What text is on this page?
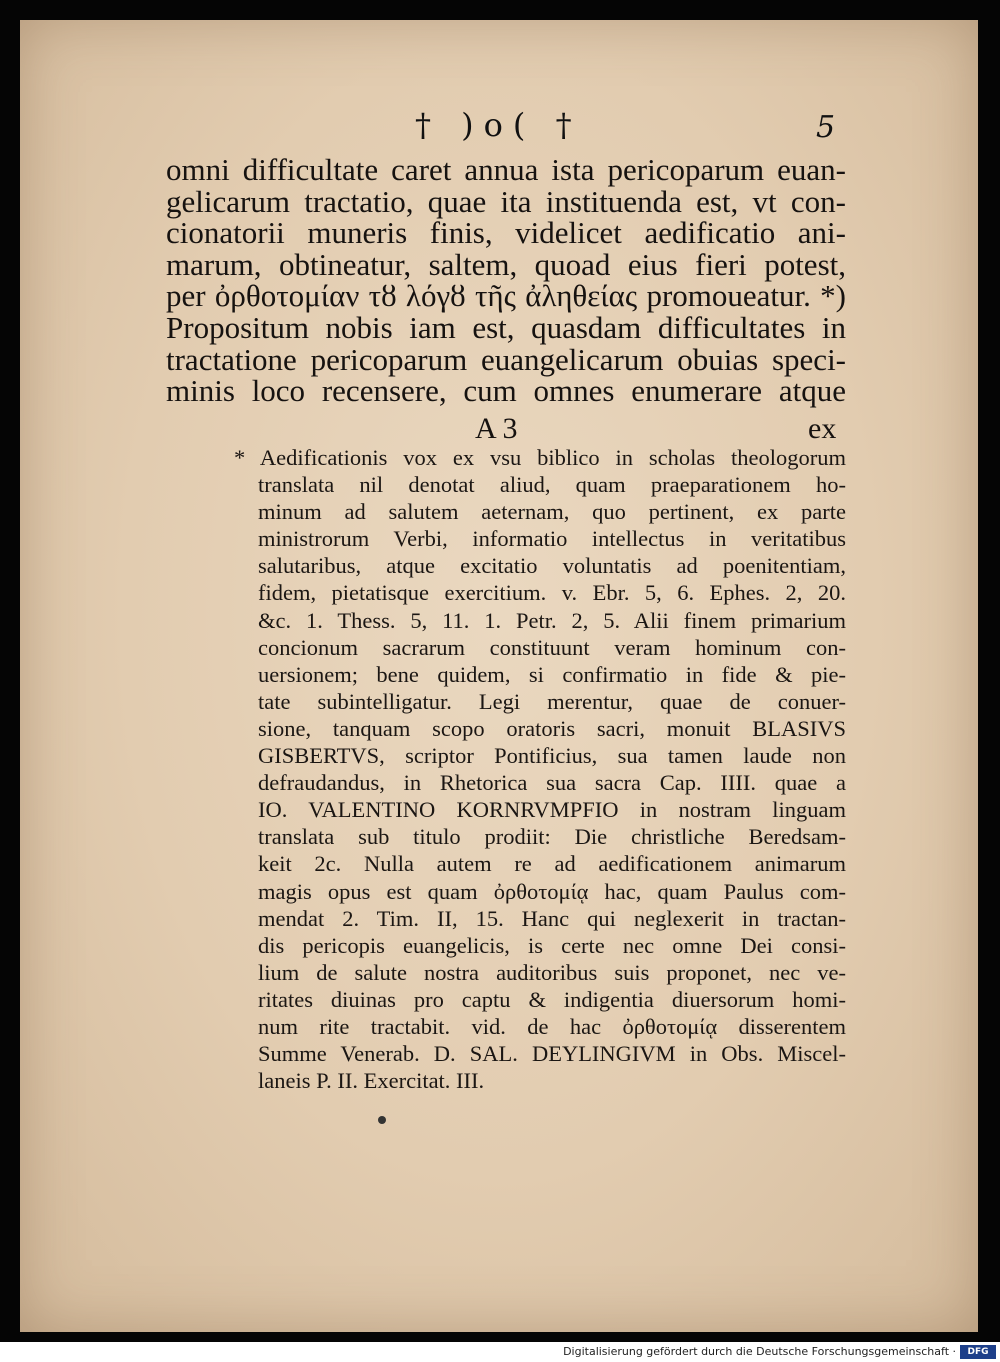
† )o( †	5
omni difficultate caret annua ista pericoparum euan-
gelicarum tractatio, quae ita instituenda est, vt con-
cionatorii muneris finis, videlicet aedificatio ani-
marum, obtineatur, saltem, quoad eius fieri potest,
per ὀρθοτομίαν τȣ λόγȣ τῆς ἀληθείας promoueatur. *)
Propositum nobis iam est, quasdam difficultates in
tractatione pericoparum euangelicarum obuias speci-
minis loco recensere, cum omnes enumerare atque
A 3	ex
* Aedificationis vox ex vsu biblico in scholas theologorum
translata nil denotat aliud, quam praeparationem ho-
minum ad salutem aeternam, quo pertinent, ex parte
ministrorum Verbi, informatio intellectus in veritatibus
salutaribus, atque excitatio voluntatis ad poenitentiam,
fidem, pietatisque exercitium. v. Ebr. 5, 6. Ephes. 2, 20.
&c. 1. Thess. 5, 11. 1. Petr. 2, 5. Alii finem primarium
concionum sacrarum constituunt veram hominum con-
uersionem; bene quidem, si confirmatio in fide & pie-
tate subintelligatur. Legi merentur, quae de conuer-
sione, tanquam scopo oratoris sacri, monuit BLASIVS
GISBERTVS, scriptor Pontificius, sua tamen laude non
defraudandus, in Rhetorica sua sacra Cap. IIII. quae a
IO. VALENTINO KORNRVMPFIO in nostram linguam
translata sub titulo prodiit: Die christliche Beredsam-
keit 2c. Nulla autem re ad aedificationem animarum
magis opus est quam ὀρθοτομίᾳ hac, quam Paulus com-
mendat 2. Tim. II, 15. Hanc qui neglexerit in tractan-
dis pericopis euangelicis, is certe nec omne Dei consi-
lium de salute nostra auditoribus suis proponet, nec ve-
ritates diuinas pro captu & indigentia diuersorum homi-
num rite tractabit. vid. de hac ὀρθοτομίᾳ disserentem
Summe Venerab. D. SAL. DEYLINGIVM in Obs. Miscel-
laneis P. II. Exercitat. III.
Digitalisierung gefördert durch die Deutsche Forschungsgemeinschaft ·	DFG
